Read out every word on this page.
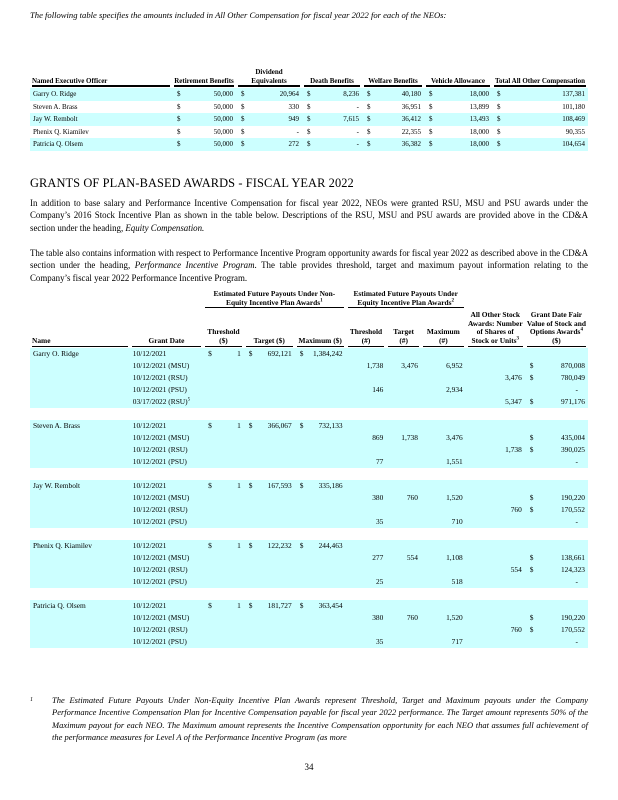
The following table specifies the amounts included in All Other Compensation for fiscal year 2022 for each of the NEOs:
Named Executive Officer	Retirement Benefits	Dividend Equivalents	Death Benefits	Welfare Benefits	Vehicle Allowance	Total All Other Compensation

Garry O. Ridge	$ 50,000	$ 20,964	$ 8,236	$ 40,180	$ 18,000	$ 137,381

Steven A. Brass	$ 50,000	$ 330	$ -	$ 36,951	$ 13,899	$ 101,180

Jay W. Rembolt	$ 50,000	$ 949	$ 7,615	$ 36,412	$ 13,493	$ 108,469

Phenix Q. Kiamilev	$ 50,000	$ -	$ -	$ 22,355	$ 18,000	$ 90,355

Patricia Q. Olsem	$ 50,000	$ 272	$ -	$ 36,382	$ 18,000	$ 104,654
GRANTS OF PLAN-BASED AWARDS - FISCAL YEAR 2022
In addition to base salary and Performance Incentive Compensation for fiscal year 2022, NEOs were granted RSU, MSU and PSU awards under the Company’s 2016 Stock Incentive Plan as shown in the table below. Descriptions of the RSU, MSU and PSU awards are provided above in the CD&A section under the heading, Equity Compensation.
The table also contains information with respect to Performance Incentive Program opportunity awards for fiscal year 2022 as described above in the CD&A section under the heading, Performance Incentive Program. The table provides threshold, target and maximum payout information relating to the Company’s fiscal year 2022 Performance Incentive Program.

		Estimated Future Payouts Under Non-Equity Incentive Plan Awards$^1$			Estimated Future Payouts Under Equity Incentive Plan Awards$^2$

Name	Grant Date	Threshold ($)	Target ($)	Maximum ($)	Threshold (#)	Target (#)	Maximum (#)	All Other Stock Awards: Number of Shares of Stock or Units$^3$	Grant Date Fair Value of Stock and Options Awards$^4$
($)

Garry O. Ridge	10/12/2021	$ 1	$ 692,121	$ 1,384,242					

	10/12/2021 (MSU)				1,738	3,476	6,952		$ 870,008

	10/12/2021 (RSU)							3,476	$ 780,049

	10/12/2021 (PSU)				146		2,934		-
	03/17/2022 (RSU)$^5$							5,347	$ 971,176

Steven A. Brass	10/12/2021	$ 1	$ 366,067	$ 732,133					

	10/12/2021 (MSU)				869	1,738	3,476		$ 435,004

	10/12/2021 (RSU)							1,738	$ 390,025

	10/12/2021 (PSU)				77		1,551		-

Jay W. Rembolt	10/12/2021	$ 1	$ 167,593	$ 335,186					

	10/12/2021 (MSU)				380	760	1,520		$ 190,220

	10/12/2021 (RSU)							760	$ 170,552

	10/12/2021 (PSU)				35		710		-

Phenix Q. Kiamilev	10/12/2021	$ 1	$ 122,232	$ 244,463					

	10/12/2021 (MSU)				277	554	1,108		$ 138,661

	10/12/2021 (RSU)							554	$ 124,323

	10/12/2021 (PSU)				25		518		-

Patricia Q. Olsem	10/12/2021	$ 1	$ 181,727	$ 363,454					

	10/12/2021 (MSU)				380	760	1,520		$ 190,220

	10/12/2021 (RSU)							760	$ 170,552

	10/12/2021 (PSU)				35		717		-
1 The Estimated Future Payouts Under Non-Equity Incentive Plan Awards represent Threshold, Target and Maximum payouts under the Company Performance Incentive Compensation Plan for Incentive Compensation payable for fiscal year 2022 performance. The Target amount represents 50% of the Maximum payout for each NEO. The Maximum amount represents the Incentive Compensation opportunity for each NEO that assumes full achievement of the performance measures for Level A of the Performance Incentive Program (as more
34
